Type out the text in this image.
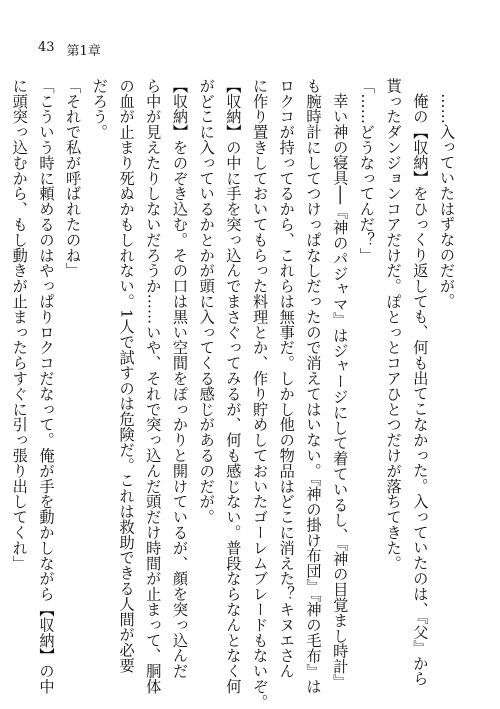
43 第1章

……入っていたはずなのだが。

俺の【収納】をひっくり返しても、何も出てこなかった。入っていたのは、『父』から

貰ったダンジョンコアだけだ。ぽとっとコアひとつだけが落ちてきた。

「……どうなってんだ？」

幸い神の寝具──『神のパジャマ』はジャージにして着ているし、『神の目覚まし時計』

も腕時計にしてつけっぱなしだったので消えてはいない。『神の掛け布団』『神の毛布』は

ロクコが持ってるから、これらは無事だ。しかし他の物品はどこに消えた？キヌエさん

に作り置きしておいてもらった料理とか、作り貯めしておいたゴーレムブレードもないぞ。

【収納】の中に手を突っ込んでまさぐってみるが、何も感じない。普段ならなんとなく何

がどこに入っているかとかが頭に入ってくる感じがあるのだが。

【収納】をのぞき込む。その口は黒い空間をぽっかりと開けているが、顔を突っ込んだ

ら中が見えたりしないだろうか……いや、それで突っ込んだ頭だけ時間が止まって、胴体

の血が止まり死ぬかもしれない。1人で試すのは危険だ。これは救助できる人間が必要

だろう。

「それで私が呼ばれたのね」

「こういう時に頼めるのはやっぱりロクコだなって。俺が手を動かしながら【収納】の中

に頭突っ込むから、もし動きが止まったらすぐに引っ張り出してくれ」
